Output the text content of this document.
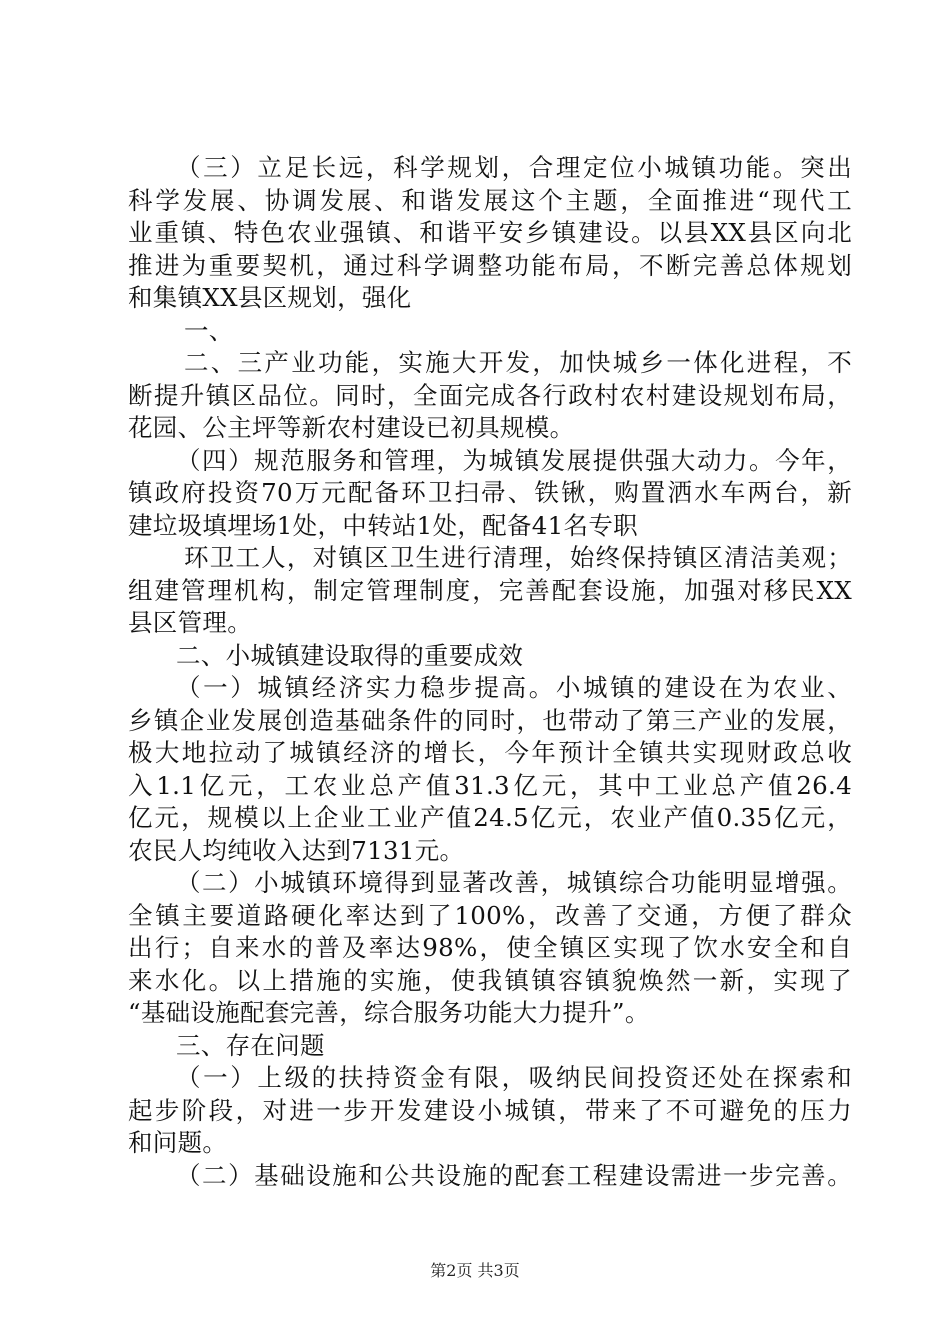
（三）立足长远，科学规划，合理定位小城镇功能。突出

科学发展、协调发展、和谐发展这个主题，全面推进“现代工

业重镇、特色农业强镇、和谐平安乡镇建设。以县XX县区向北

推进为重要契机，通过科学调整功能布局，不断完善总体规划

和集镇XX县区规划，强化

一、

二、三产业功能，实施大开发，加快城乡一体化进程，不

断提升镇区品位。同时，全面完成各行政村农村建设规划布局，

花园、公主坪等新农村建设已初具规模。

（四）规范服务和管理，为城镇发展提供强大动力。今年，

镇政府投资70万元配备环卫扫帚、铁锹，购置洒水车两台，新

建垃圾填埋场1处，中转站1处，配备41名专职

环卫工人，对镇区卫生进行清理，始终保持镇区清洁美观；

组建管理机构，制定管理制度，完善配套设施，加强对移民XX

县区管理。

二、小城镇建设取得的重要成效

（一）城镇经济实力稳步提高。小城镇的建设在为农业、

乡镇企业发展创造基础条件的同时，也带动了第三产业的发展，

极大地拉动了城镇经济的增长，今年预计全镇共实现财政总收

入1.1亿元，工农业总产值31.3亿元，其中工业总产值26.4

亿元，规模以上企业工业产值24.5亿元，农业产值0.35亿元，

农民人均纯收入达到7131元。

（二）小城镇环境得到显著改善，城镇综合功能明显增强。

全镇主要道路硬化率达到了100%，改善了交通，方便了群众

出行；自来水的普及率达98%，使全镇区实现了饮水安全和自

来水化。以上措施的实施，使我镇镇容镇貌焕然一新，实现了

“基础设施配套完善，综合服务功能大力提升”。

三、存在问题

（一）上级的扶持资金有限，吸纳民间投资还处在探索和

起步阶段，对进一步开发建设小城镇，带来了不可避免的压力

和问题。

（二）基础设施和公共设施的配套工程建设需进一步完善。

第2页 共3页
